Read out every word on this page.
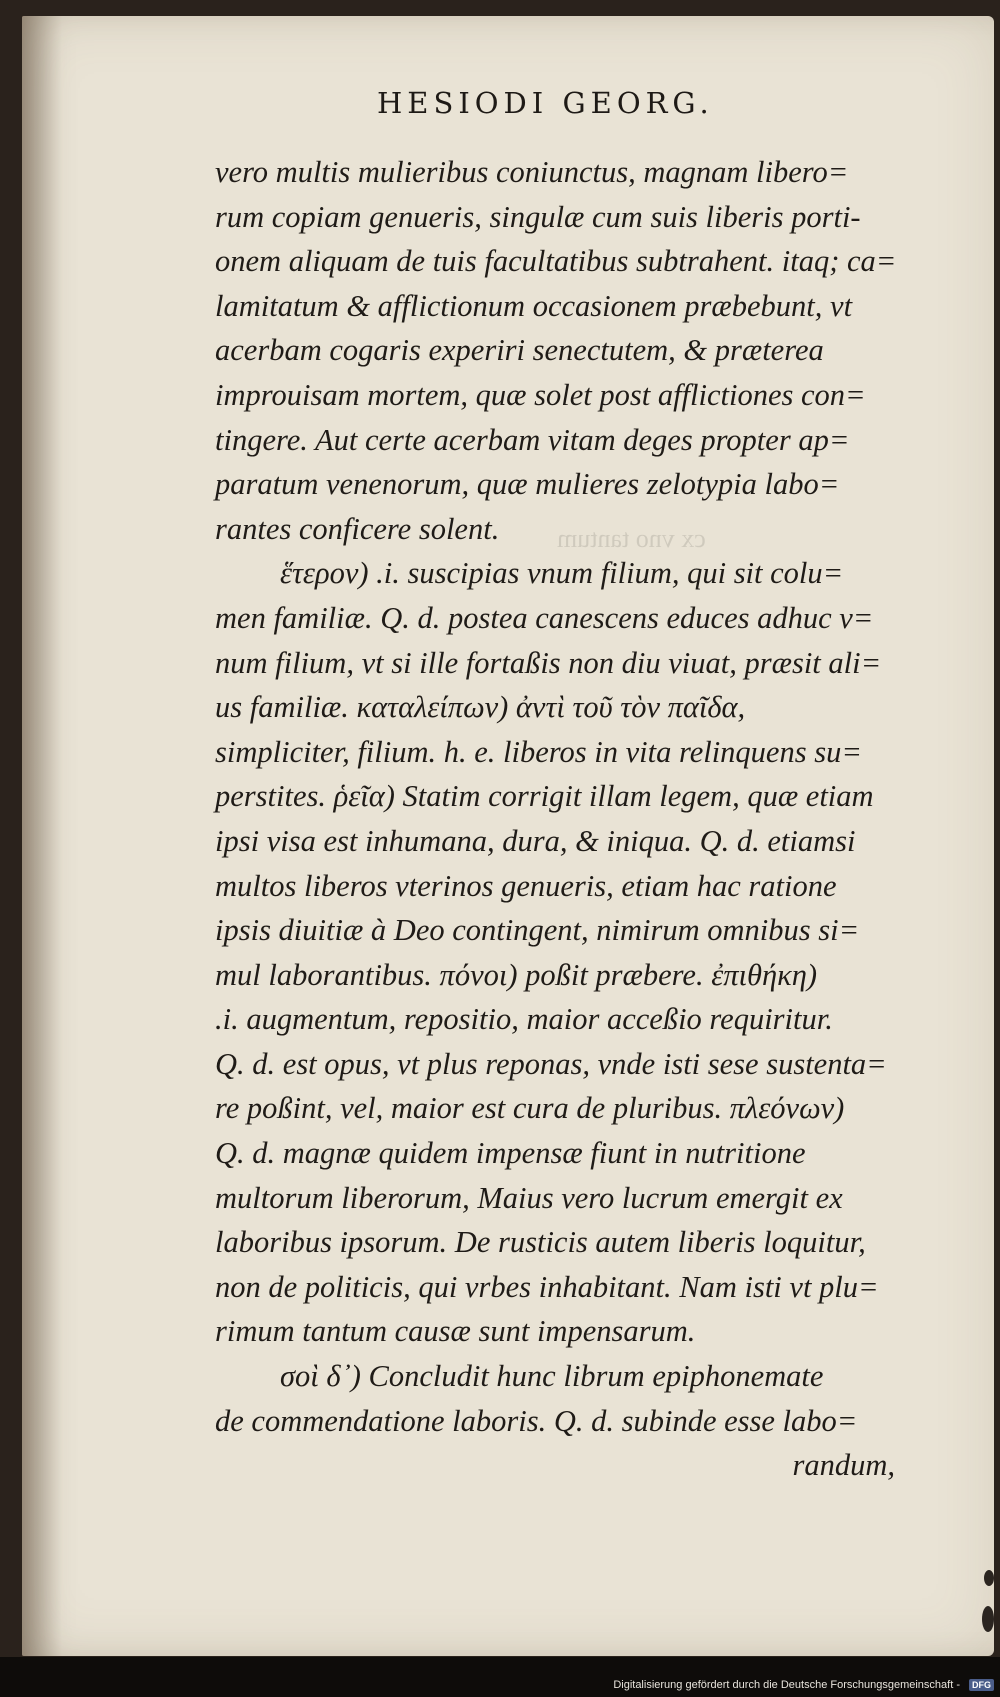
HESIODI GEORG.
cx vno tantum
vero multis mulieribus coniunctus, magnam libero=
rum copiam genueris, singulæ cum suis liberis porti-
onem aliquam de tuis facultatibus subtrahent. itaq; ca=
lamitatum & afflictionum occasionem præbebunt, vt
acerbam cogaris experiri senectutem, & præterea
improuisam mortem, quæ solet post afflictiones con=
tingere. Aut certe acerbam vitam deges propter ap=
paratum venenorum, quæ mulieres zelotypia labo=
rantes conficere solent.
ἕτερον) .i. suscipias vnum filium, qui sit colu=
men familiæ. Q. d. postea canescens educes adhuc v=
num filium, vt si ille fortaßis non diu viuat, præsit ali=
us familiæ. καταλείπων) ἀντὶ τοῦ τὸν παῖδα,
simpliciter, filium. h. e. liberos in vita relinquens su=
perstites. ῥεῖα) Statim corrigit illam legem, quæ etiam
ipsi visa est inhumana, dura, & iniqua. Q. d. etiamsi
multos liberos vterinos genueris, etiam hac ratione
ipsis diuitiæ à Deo contingent, nimirum omnibus si=
mul laborantibus. πόνοι) poßit præbere. ἐπιθήκη)
.i. augmentum, repositio, maior acceßio requiritur.
Q. d. est opus, vt plus reponas, vnde isti sese sustenta=
re poßint, vel, maior est cura de pluribus. πλεόνων)
Q. d. magnæ quidem impensæ fiunt in nutritione
multorum liberorum, Maius vero lucrum emergit ex
laboribus ipsorum. De rusticis autem liberis loquitur,
non de politicis, qui vrbes inhabitant. Nam isti vt plu=
rimum tantum causæ sunt impensarum.
σοὶ δ᾽) Concludit hunc librum epiphonemate
de commendatione laboris. Q. d. subinde esse labo=
randum,
Digitalisierung gefördert durch die Deutsche Forschungsgemeinschaft -	DFG
